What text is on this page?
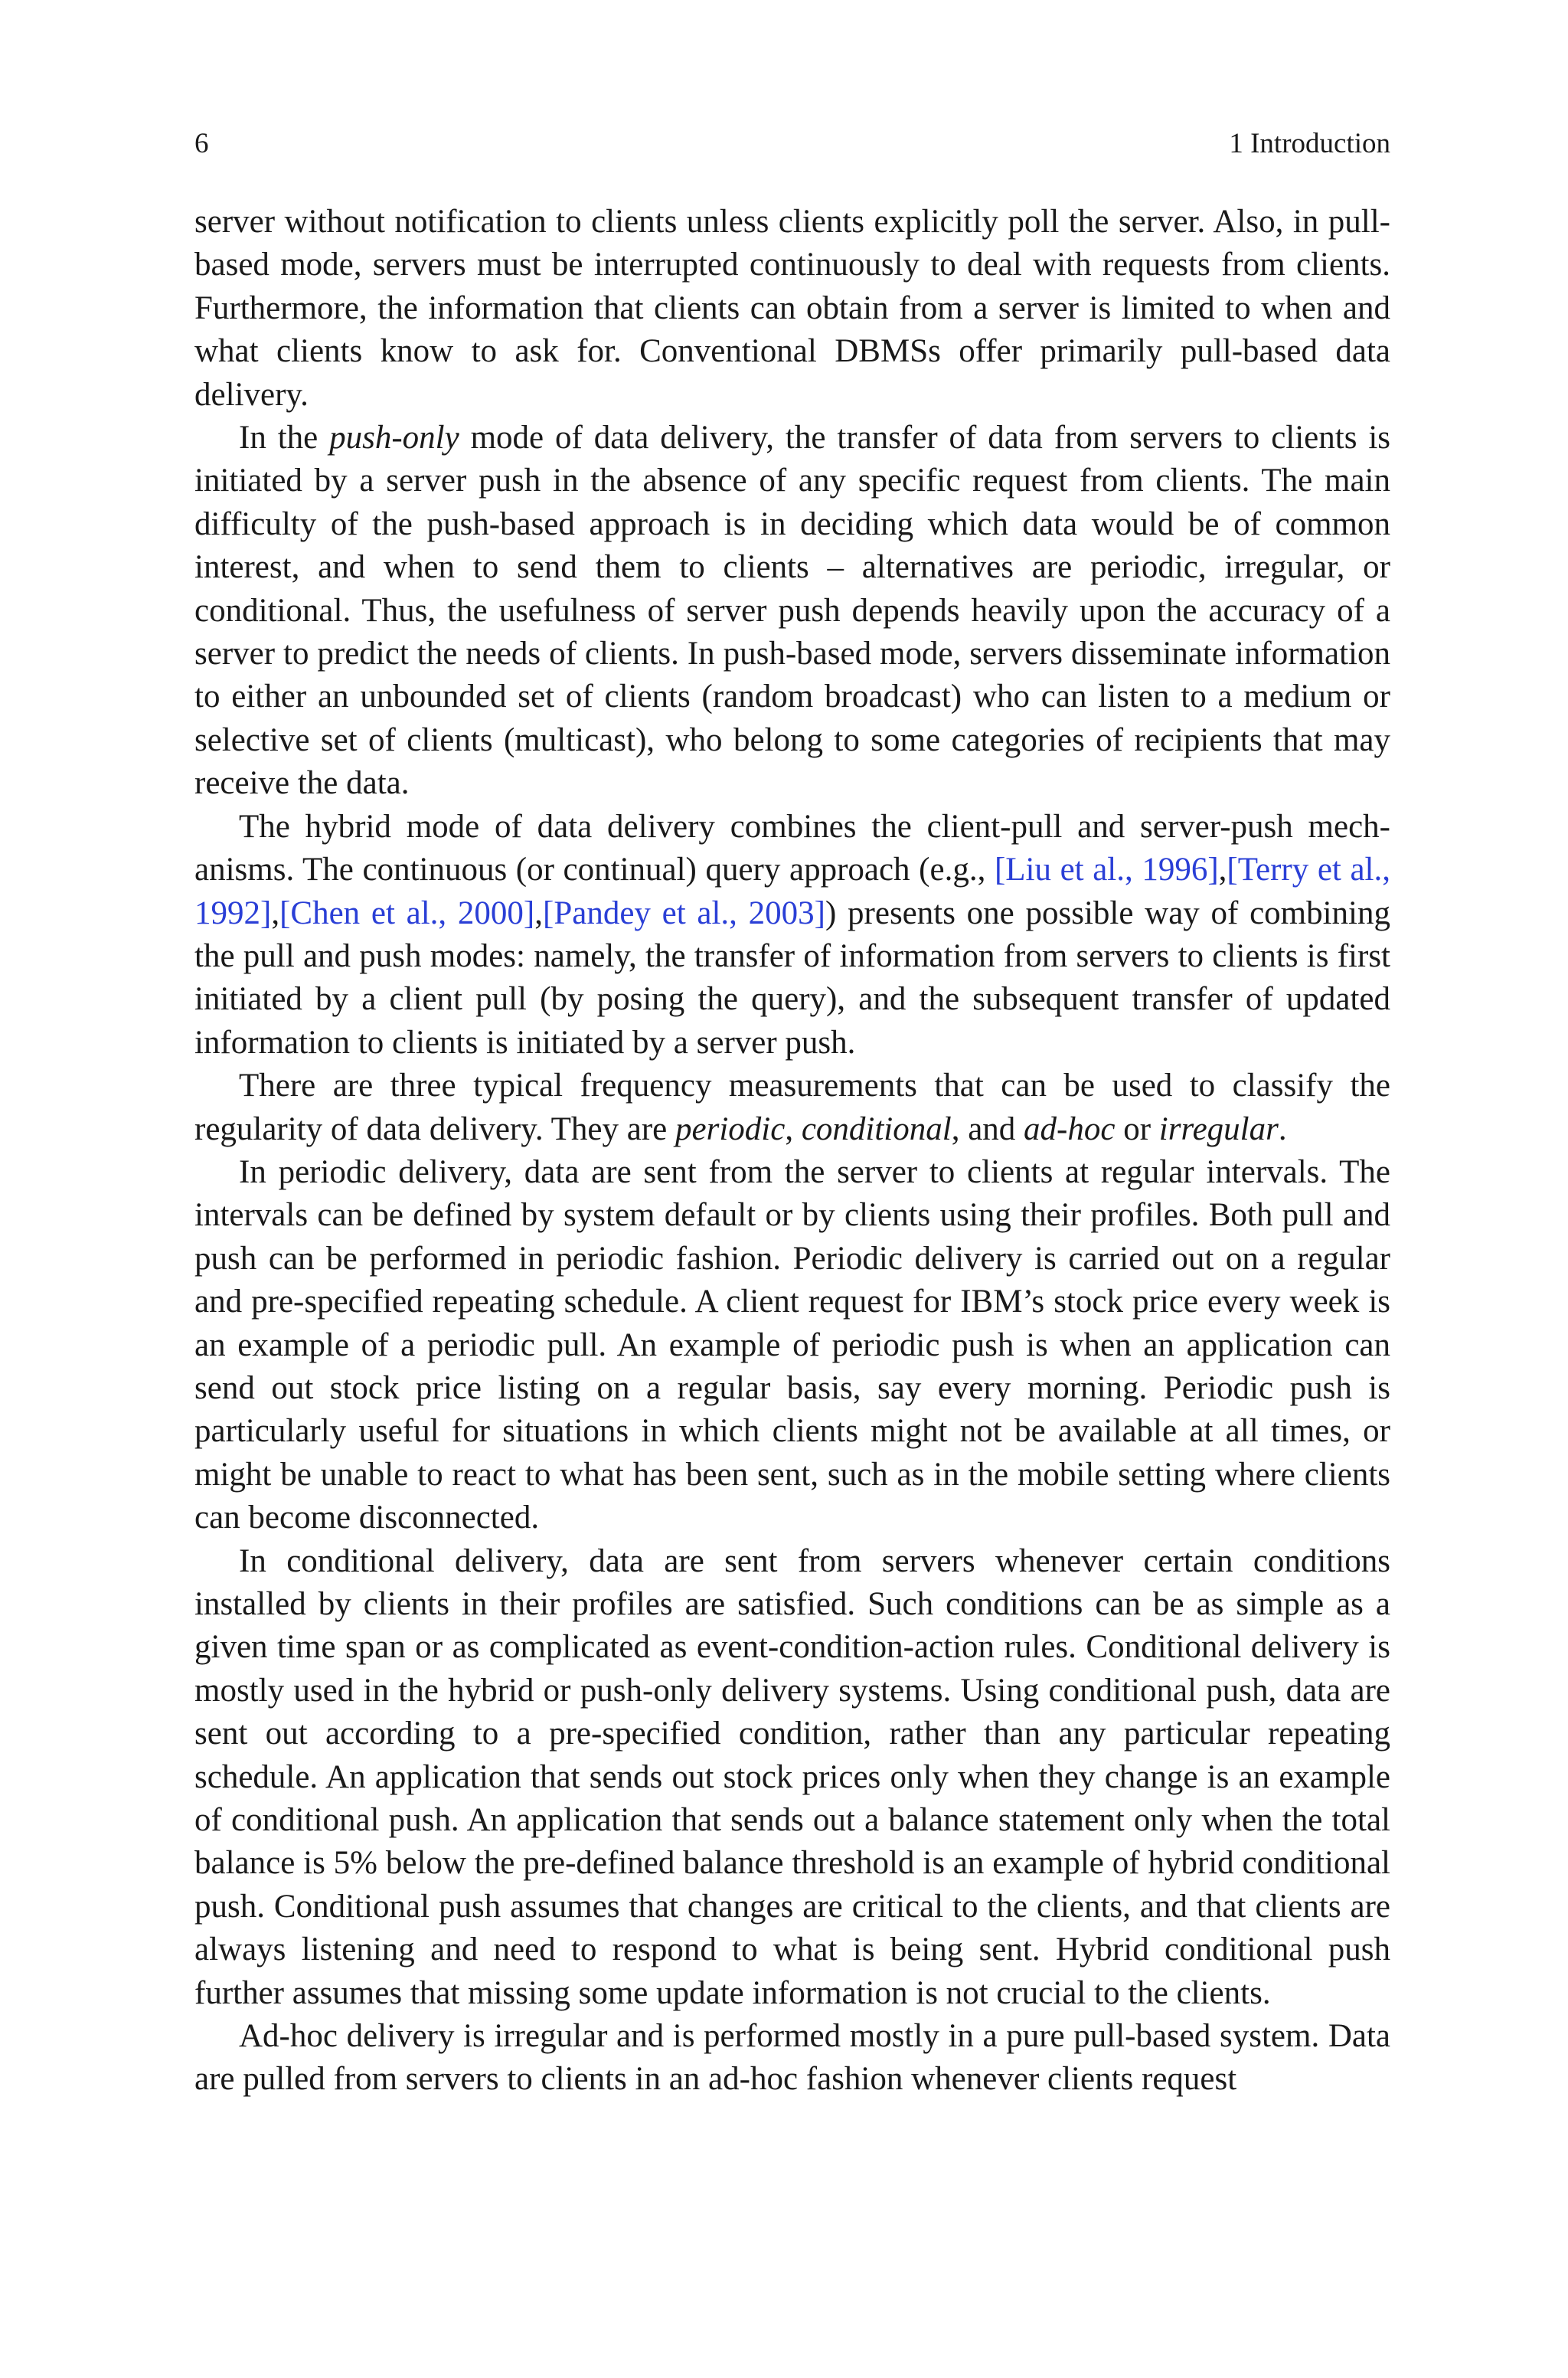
6	1 Introduction

server without notification to clients unless clients explicitly poll the server. Also, in pull-based mode, servers must be interrupted continuously to deal with requests from clients. Furthermore, the information that clients can obtain from a server is limited to when and what clients know to ask for. Conventional DBMSs offer primarily pull-based data delivery.

In the push-only mode of data delivery, the transfer of data from servers to clients is initiated by a server push in the absence of any specific request from clients. The main difficulty of the push-based approach is in deciding which data would be of common interest, and when to send them to clients – alternatives are periodic, irregular, or conditional. Thus, the usefulness of server push depends heavily upon the accuracy of a server to predict the needs of clients. In push-based mode, servers disseminate information to either an unbounded set of clients (random broadcast) who can listen to a medium or selective set of clients (multicast), who belong to some categories of recipients that may receive the data.

The hybrid mode of data delivery combines the client-pull and server-push mechanisms. The continuous (or continual) query approach (e.g., [Liu et al., 1996],[Terry et al., 1992],[Chen et al., 2000],[Pandey et al., 2003]) presents one possible way of combining the pull and push modes: namely, the transfer of information from servers to clients is first initiated by a client pull (by posing the query), and the subsequent transfer of updated information to clients is initiated by a server push.

There are three typical frequency measurements that can be used to classify the regularity of data delivery. They are periodic, conditional, and ad-hoc or irregular.

In periodic delivery, data are sent from the server to clients at regular intervals. The intervals can be defined by system default or by clients using their profiles. Both pull and push can be performed in periodic fashion. Periodic delivery is carried out on a regular and pre-specified repeating schedule. A client request for IBM’s stock price every week is an example of a periodic pull. An example of periodic push is when an application can send out stock price listing on a regular basis, say every morning. Periodic push is particularly useful for situations in which clients might not be available at all times, or might be unable to react to what has been sent, such as in the mobile setting where clients can become disconnected.

In conditional delivery, data are sent from servers whenever certain conditions installed by clients in their profiles are satisfied. Such conditions can be as simple as a given time span or as complicated as event-condition-action rules. Conditional delivery is mostly used in the hybrid or push-only delivery systems. Using conditional push, data are sent out according to a pre-specified condition, rather than any particular repeating schedule. An application that sends out stock prices only when they change is an example of conditional push. An application that sends out a balance statement only when the total balance is 5% below the pre-defined balance threshold is an example of hybrid conditional push. Conditional push assumes that changes are critical to the clients, and that clients are always listening and need to respond to what is being sent. Hybrid conditional push further assumes that missing some update information is not crucial to the clients.

Ad-hoc delivery is irregular and is performed mostly in a pure pull-based system. Data are pulled from servers to clients in an ad-hoc fashion whenever clients request
